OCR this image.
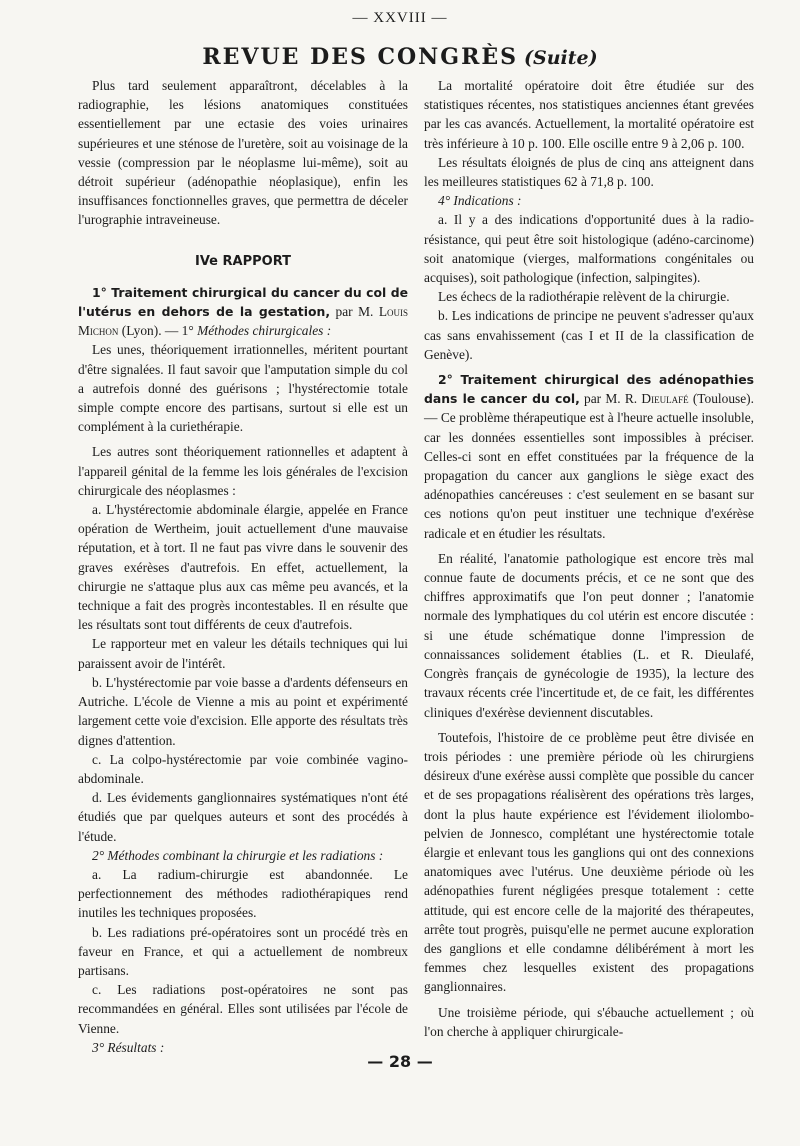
— XXVIII —
REVUE DES CONGRÈS (Suite)

Plus tard seulement apparaîtront, décelables à la radiographie, les lésions anatomiques constituées essentiellement par une ectasie des voies urinaires supérieures et une sténose de l'uretère, soit au voisinage de la vessie (compression par le néoplasme lui-même), soit au détroit supérieur (adénopathie néoplasique), enfin les insuffisances fonctionnelles graves, que permettra de déceler l'urographie intraveineuse.

IVe RAPPORT

1° Traitement chirurgical du cancer du col de l'utérus en dehors de la gestation, par M. Louis Michon (Lyon). — 1° Méthodes chirurgicales :

Les unes, théoriquement irrationnelles, méritent pourtant d'être signalées. Il faut savoir que l'amputation simple du col a autrefois donné des guérisons ; l'hystérectomie totale simple compte encore des partisans, surtout si elle est un complément à la curiethérapie.

Les autres sont théoriquement rationnelles et adaptent à l'appareil génital de la femme les lois générales de l'excision chirurgicale des néoplasmes :

a. L'hystérectomie abdominale élargie, appelée en France opération de Wertheim, jouit actuellement d'une mauvaise réputation, et à tort. Il ne faut pas vivre dans le souvenir des graves exérèses d'autrefois. En effet, actuellement, la chirurgie ne s'attaque plus aux cas même peu avancés, et la technique a fait des progrès incontestables. Il en résulte que les résultats sont tout différents de ceux d'autrefois.

Le rapporteur met en valeur les détails techniques qui lui paraissent avoir de l'intérêt.

b. L'hystérectomie par voie basse a d'ardents défenseurs en Autriche. L'école de Vienne a mis au point et expérimenté largement cette voie d'excision. Elle apporte des résultats très dignes d'attention.

c. La colpo-hystérectomie par voie combinée vagino-abdominale.

d. Les évidements ganglionnaires systématiques n'ont été étudiés que par quelques auteurs et sont des procédés à l'étude.

2° Méthodes combinant la chirurgie et les radiations :

a. La radium-chirurgie est abandonnée. Le perfectionnement des méthodes radiothérapiques rend inutiles les techniques proposées.

b. Les radiations pré-opératoires sont un procédé très en faveur en France, et qui a actuellement de nombreux partisans.

c. Les radiations post-opératoires ne sont pas recommandées en général. Elles sont utilisées par l'école de Vienne.

3° Résultats :

La mortalité opératoire doit être étudiée sur des statistiques récentes, nos statistiques anciennes étant grevées par les cas avancés. Actuellement, la mortalité opératoire est très inférieure à 10 p. 100. Elle oscille entre 9 à 2,06 p. 100.

Les résultats éloignés de plus de cinq ans atteignent dans les meilleures statistiques 62 à 71,8 p. 100.

4° Indications :

a. Il y a des indications d'opportunité dues à la radio-résistance, qui peut être soit histologique (adéno-carcinome) soit anatomique (vierges, malformations congénitales ou acquises), soit pathologique (infection, salpingites).

Les échecs de la radiothérapie relèvent de la chirurgie.

b. Les indications de principe ne peuvent s'adresser qu'aux cas sans envahissement (cas I et II de la classification de Genève).

2° Traitement chirurgical des adénopathies dans le cancer du col, par M. R. Dieulafé (Toulouse). — Ce problème thérapeutique est à l'heure actuelle insoluble, car les données essentielles sont impossibles à préciser. Celles-ci sont en effet constituées par la fréquence de la propagation du cancer aux ganglions le siège exact des adénopathies cancéreuses : c'est seulement en se basant sur ces notions qu'on peut instituer une technique d'exérèse radicale et en étudier les résultats.

En réalité, l'anatomie pathologique est encore très mal connue faute de documents précis, et ce ne sont que des chiffres approximatifs que l'on peut donner ; l'anatomie normale des lymphatiques du col utérin est encore discutée : si une étude schématique donne l'impression de connaissances solidement établies (L. et R. Dieulafé, Congrès français de gynécologie de 1935), la lecture des travaux récents crée l'incertitude et, de ce fait, les différentes cliniques d'exérèse deviennent discutables.

Toutefois, l'histoire de ce problème peut être divisée en trois périodes : une première période où les chirurgiens désireux d'une exérèse aussi complète que possible du cancer et de ses propagations réalisèrent des opérations très larges, dont la plus haute expérience est l'évidement iliolombo-pelvien de Jonnesco, complétant une hystérectomie totale élargie et enlevant tous les ganglions qui ont des connexions anatomiques avec l'utérus. Une deuxième période où les adénopathies furent négligées presque totalement : cette attitude, qui est encore celle de la majorité des thérapeutes, arrête tout progrès, puisqu'elle ne permet aucune exploration des ganglions et elle condamne délibérément à mort les femmes chez lesquelles existent des propagations ganglionnaires.

Une troisième période, qui s'ébauche actuellement ; où l'on cherche à appliquer chirurgicale-

— 28 —
